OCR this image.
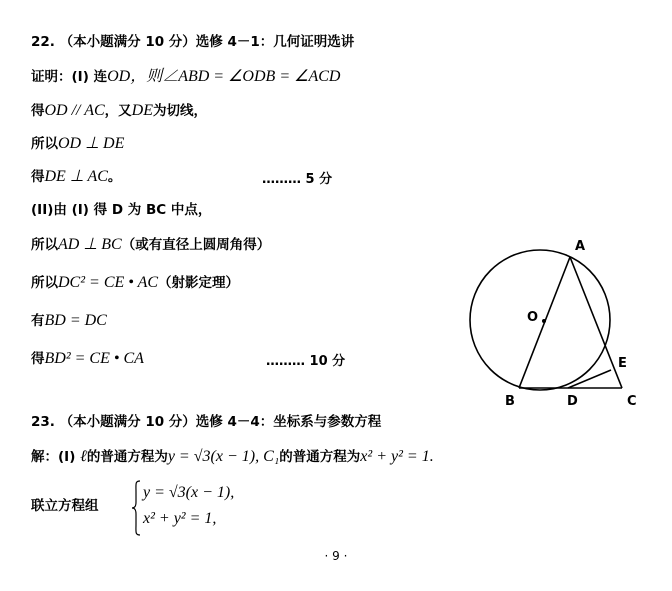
22. （本小题满分 10 分）选修 4－1：几何证明选讲
证明：(I) 连OD，则∠ABD = ∠ODB = ∠ACD
得OD // AC，又DE为切线，
所以OD ⊥ DE
得DE ⊥ AC。	……… 5 分
(II)由 (I) 得 D 为 BC 中点，
所以AD ⊥ BC（或有直径上圆周角得）
所以DC² = CE • AC（射影定理）
有BD = DC
得BD² = CE • CA	……… 10 分
A
O
E
B	D	C
23. （本小题满分 10 分）选修 4－4：坐标系与参数方程
解：(I) ℓ的普通方程为y = √3(x − 1), C₁的普通方程为x² + y² = 1.
联立方程组
y = √3(x − 1),
x² + y² = 1,
· 9 ·
